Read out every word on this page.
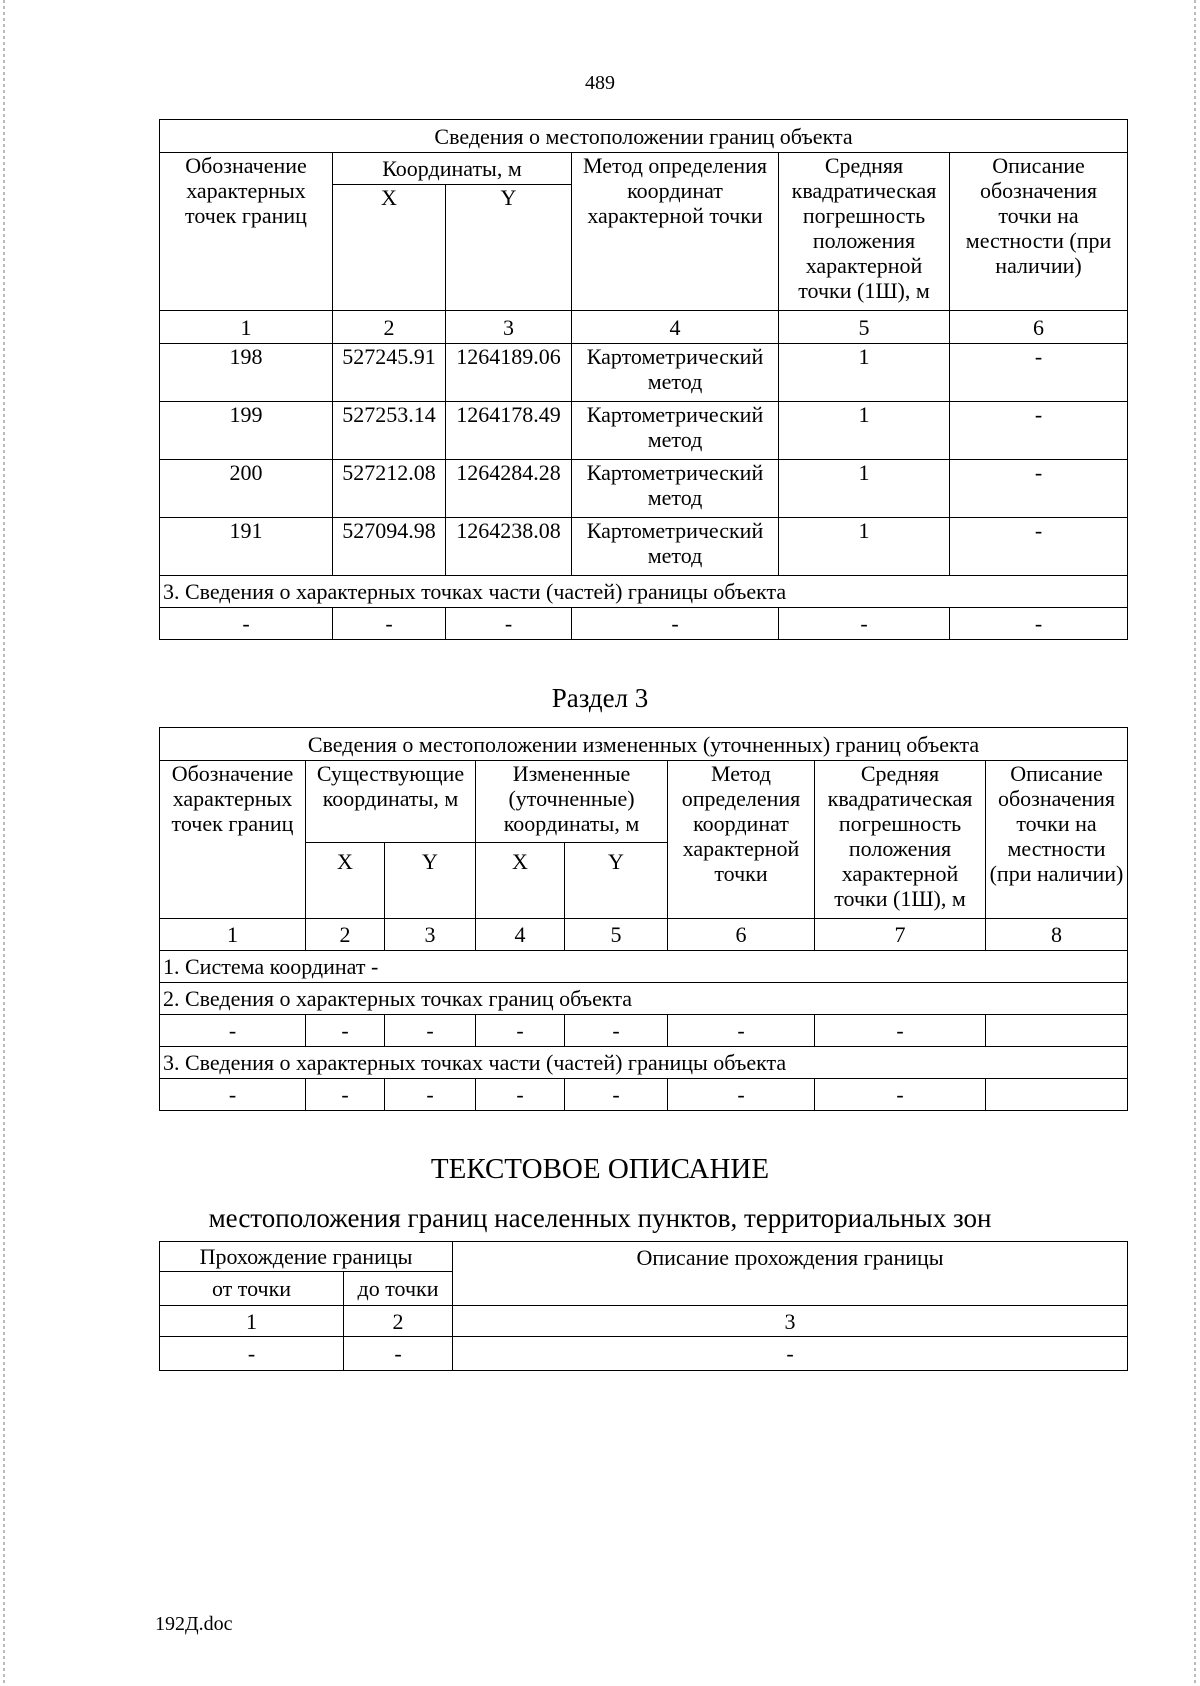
489
Сведения о местоположении границ объекта					
Обозначение характерных точек границ	Координаты, м		Метод определения координат характерной точки	Средняя квадратическая погрешность положения характерной точки (1Ш), м	Описание обозначения точки на местности (при наличии)
	X	Y			
1	2	3	4	5	6
198	527245.91	1264189.06	Картометрический метод	1	-
199	527253.14	1264178.49	Картометрический метод	1	-
200	527212.08	1264284.28	Картометрический метод	1	-
191	527094.98	1264238.08	Картометрический метод	1	-
3. Сведения о характерных точках части (частей) границы объекта					
-	-	-	-	-	-
Раздел 3
Сведения о местоположении измененных (уточненных) границ объекта							
Обозначение характерных точек границ	Существующие координаты, м		Измененные (уточненные) координаты, м		Метод определения координат характерной точки	Средняя квадратическая погрешность положения характерной точки (1Ш), м	Описание обозначения точки на местности (при наличии)
	X	Y	X	Y			
1	2	3	4	5	6	7	8
1. Система координат -							
2. Сведения о характерных точках границ объекта							
-	-	-	-	-	-	-	
3. Сведения о характерных точках части (частей) границы объекта							
-	-	-	-	-	-	-	
ТЕКСТОВОЕ ОПИСАНИЕ
местоположения границ населенных пунктов, территориальных зон
Прохождение границы		Описание прохождения границы
от точки	до точки	
1	2	3
-	-	-
192Д.doc
